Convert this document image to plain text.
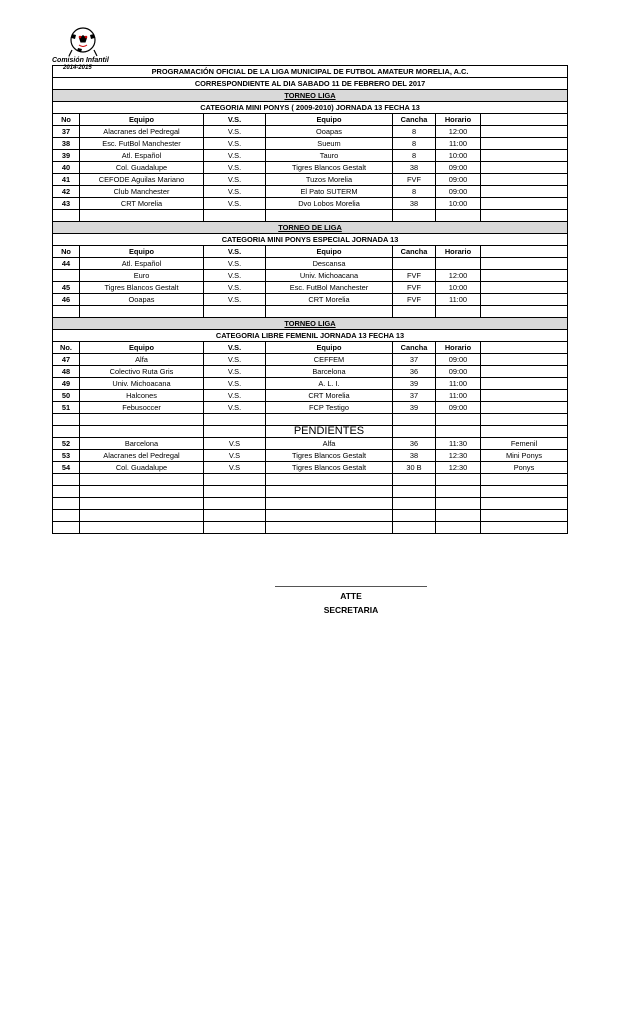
Comisión Infantil
2014-2015	PROGRAMACIÓN OFICIAL DE LA LIGA MUNICIPAL DE FUTBOL AMATEUR MORELIA, A.C.						
CORRESPONDIENTE AL DIA SABADO 11 DE FEBRERO DEL 2017						
TORNEO LIGA						
CATEGORIA MINI PONYS ( 2009-2010) JORNADA 13 FECHA 13						
No	Equipo	V.S.	Equipo	Cancha	Horario	
37	Alacranes del Pedregal	V.S.	Ooapas	8	12:00	
38	Esc. FutBol Manchester	V.S.	Sueum	8	11:00	
39	Atl. Español	V.S.	Tauro	8	10:00	
40	Col. Guadalupe	V.S.	Tigres Blancos Gestalt	38	09:00	
41	CEFODE Aguilas Mariano	V.S.	Tuzos Morelia	FVF	09:00	
42	Club Manchester	V.S.	El Pato SUTERM	8	09:00	
43	CRT Morelia	V.S.	Dvo Lobos Morelia	38	10:00	

TORNEO DE LIGA						
CATEGORIA MINI PONYS ESPECIAL JORNADA 13						
No	Equipo	V.S.	Equipo	Cancha	Horario	
44	Atl. Español	V.S.	Descansa			
	Euro	V.S.	Univ. Michoacana	FVF	12:00	
45	Tigres Blancos Gestalt	V.S.	Esc. FutBol Manchester	FVF	10:00	
46	Ooapas	V.S.	CRT Morelia	FVF	11:00	

TORNEO LIGA						
CATEGORIA LIBRE FEMENIL JORNADA 13 FECHA 13						
No.	Equipo	V.S.	Equipo	Cancha	Horario	
47	Alfa	V.S.	CEFFEM	37	09:00	
48	Colectivo Ruta Gris	V.S.	Barcelona	36	09:00	
49	Univ. Michoacana	V.S.	A. L. I.	39	11:00	
50	Halcones	V.S.	CRT Morelia	37	11:00	
51	Febusoccer	V.S.	FCP Testigo	39	09:00	

			PENDIENTES			
52	Barcelona	V.S	Alfa	36	11:30	Femenil
53	Alacranes del Pedregal	V.S	Tigres Blancos Gestalt	38	12:30	Mini Ponys
54	Col. Guadalupe	V.S	Tigres Blancos Gestalt	30 B	12:30	Ponys

ATTE
SECRETARIA
